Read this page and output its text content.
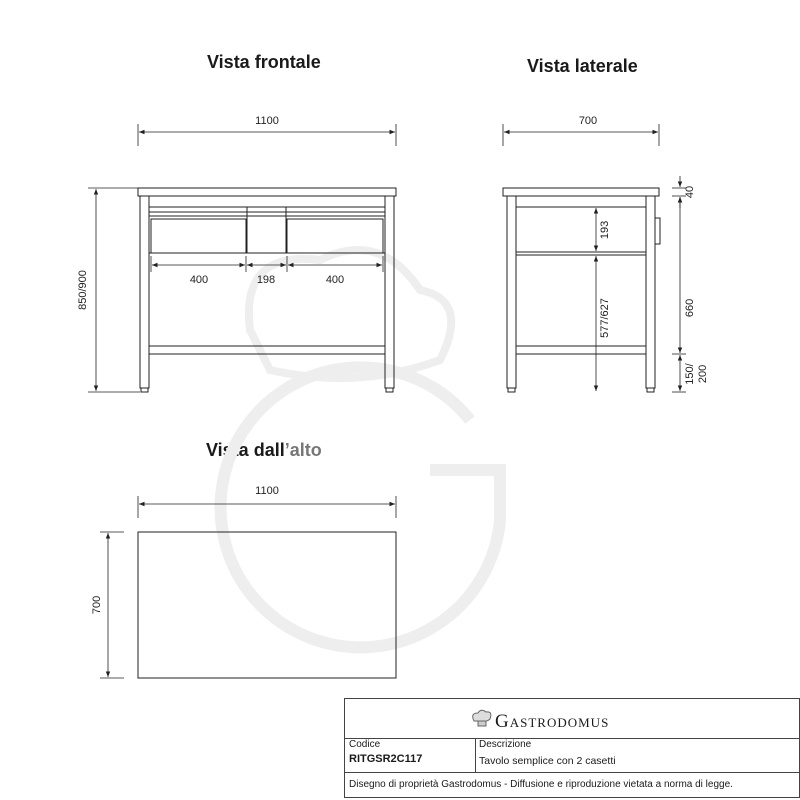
Vista frontale	Vista laterale
Vista dall’alto
1100
850/900	400	198	400
700
193
577/627
40
660
150/ 200
1100
700
Gastrodomus
Codice
RITGSR2C117
Descrizione
Tavolo semplice con 2 casetti
Disegno di proprietà Gastrodomus - Diffusione e riproduzione vietata a norma di legge.
